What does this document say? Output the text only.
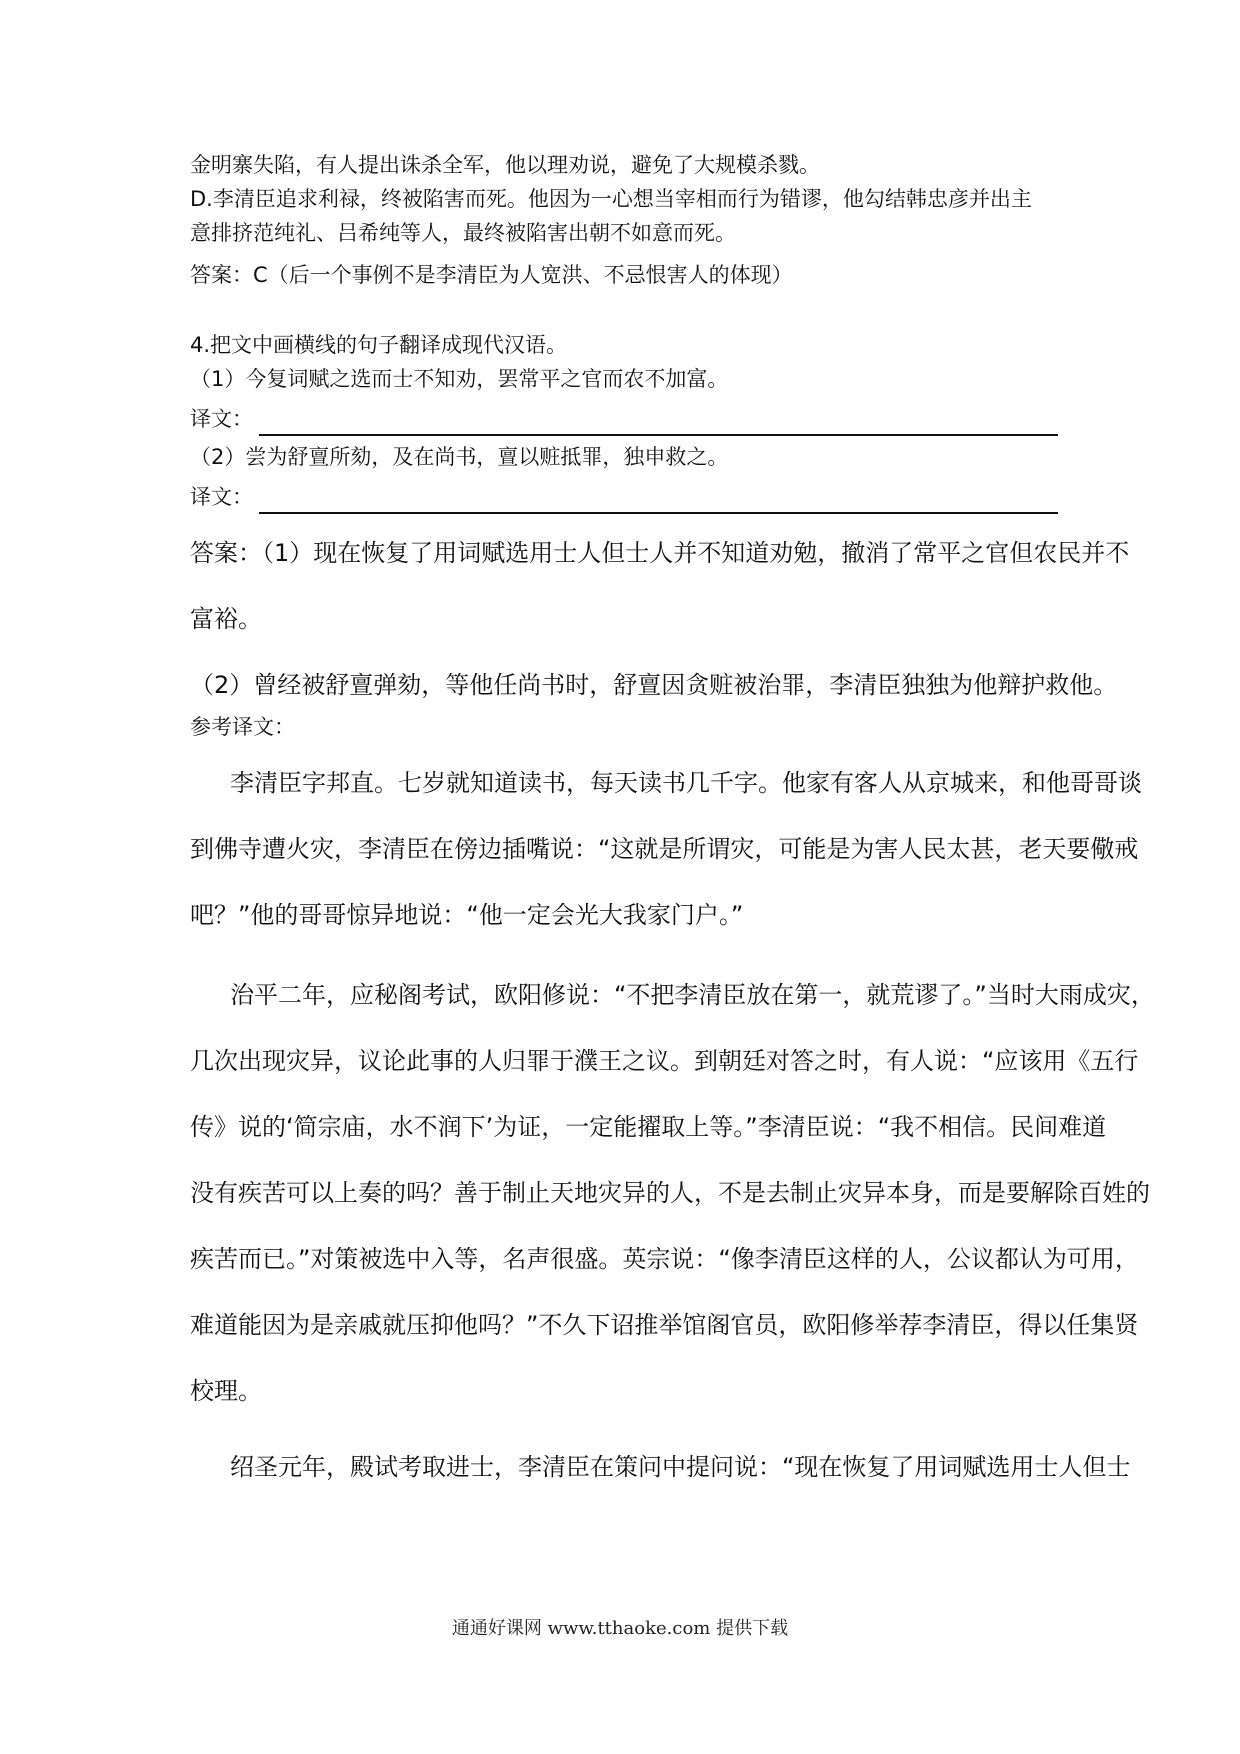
金明寨失陷，有人提出诛杀全军，他以理劝说，避免了大规模杀戮。

D.李清臣追求利禄，终被陷害而死。他因为一心想当宰相而行为错谬，他勾结韩忠彦并出主

意排挤范纯礼、吕希纯等人，最终被陷害出朝不如意而死。

答案：C（后一个事例不是李清臣为人宽洪、不忌恨害人的体现）

4.把文中画横线的句子翻译成现代汉语。

（1）今复词赋之选而士不知劝，罢常平之官而农不加富。

译文：

（2）尝为舒亶所劾，及在尚书，亶以赃抵罪，独申救之。

译文：

答案：（1）现在恢复了用词赋选用士人但士人并不知道劝勉，撤消了常平之官但农民并不

富裕。

（2）曾经被舒亶弹劾，等他任尚书时，舒亶因贪赃被治罪，李清臣独独为他辩护救他。

参考译文：

李清臣字邦直。七岁就知道读书，每天读书几千字。他家有客人从京城来，和他哥哥谈

到佛寺遭火灾，李清臣在傍边插嘴说：“这就是所谓灾，可能是为害人民太甚，老天要儆戒

吧？”他的哥哥惊异地说：“他一定会光大我家门户。”

治平二年，应秘阁考试，欧阳修说：“不把李清臣放在第一，就荒谬了。”当时大雨成灾，

几次出现灾异，议论此事的人归罪于濮王之议。到朝廷对答之时，有人说：“应该用《五行

传》说的‘简宗庙，水不润下’为证，一定能擢取上等。”李清臣说：“我不相信。民间难道

没有疾苦可以上奏的吗？善于制止天地灾异的人，不是去制止灾异本身，而是要解除百姓的

疾苦而已。”对策被选中入等，名声很盛。英宗说：“像李清臣这样的人，公议都认为可用，

难道能因为是亲戚就压抑他吗？”不久下诏推举馆阁官员，欧阳修举荐李清臣，得以任集贤

校理。

绍圣元年，殿试考取进士，李清臣在策问中提问说：“现在恢复了用词赋选用士人但士

通通好课网 www.tthaoke.com 提供下载
